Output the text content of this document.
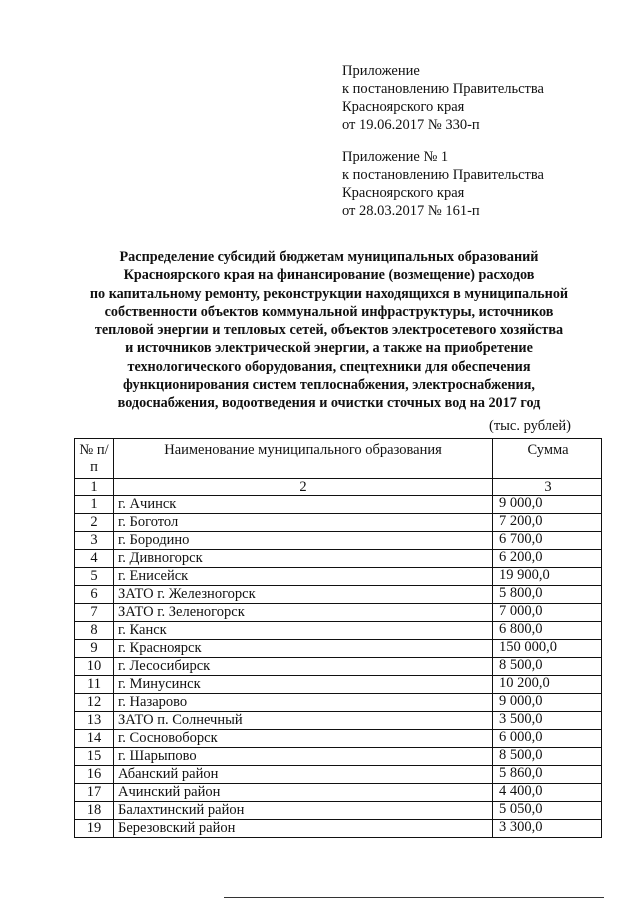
Приложение
к постановлению Правительства
Красноярского края
от 19.06.2017 № 330-п
Приложение № 1
к постановлению Правительства
Красноярского края
от 28.03.2017 № 161-п
Распределение субсидий бюджетам муниципальных образований
Красноярского края на финансирование (возмещение) расходов
по капитальному ремонту, реконструкции находящихся в муниципальной
собственности объектов коммунальной инфраструктуры, источников
тепловой энергии и тепловых сетей, объектов электросетевого хозяйства
и источников электрической энергии, а также на приобретение
технологического оборудования, спецтехники для обеспечения
функционирования систем теплоснабжения, электроснабжения,
водоснабжения, водоотведения и очистки сточных вод на 2017 год
(тыс. рублей)
№ п/п	Наименование муниципального образования	Сумма
1	2	3
1	г. Ачинск	9 000,0
2	г. Боготол	7 200,0
3	г. Бородино	6 700,0
4	г. Дивногорск	6 200,0
5	г. Енисейск	19 900,0
6	ЗАТО г. Железногорск	5 800,0
7	ЗАТО г. Зеленогорск	7 000,0
8	г. Канск	6 800,0
9	г. Красноярск	150 000,0
10	г. Лесосибирск	8 500,0
11	г. Минусинск	10 200,0
12	г. Назарово	9 000,0
13	ЗАТО п. Солнечный	3 500,0
14	г. Сосновоборск	6 000,0
15	г. Шарыпово	8 500,0
16	Абанский район	5 860,0
17	Ачинский район	4 400,0
18	Балахтинский район	5 050,0
19	Березовский район	3 300,0
